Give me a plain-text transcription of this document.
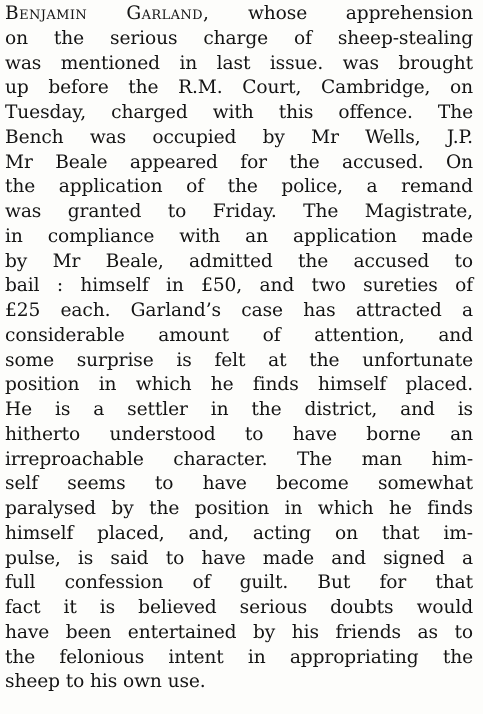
Benjamin Garland, whose apprehension
on the serious charge of sheep-stealing
was mentioned in last issue. was brought
up before the R.M. Court, Cambridge, on
Tuesday, charged with this offence. The
Bench was occupied by Mr Wells, J.P.
Mr Beale appeared for the accused. On
the application of the police, a remand
was granted to Friday. The Magistrate,
in compliance with an application made
by Mr Beale, admitted the accused to
bail : himself in £50, and two sureties of
£25 each. Garland’s case has attracted a
considerable amount of attention, and
some surprise is felt at the unfortunate
position in which he finds himself placed.
He is a settler in the district, and is
hitherto understood to have borne an
irreproachable character. The man him-
self seems to have become somewhat
paralysed by the position in which he finds
himself placed, and, acting on that im-
pulse, is said to have made and signed a
full confession of guilt. But for that
fact it is believed serious doubts would
have been entertained by his friends as to
the felonious intent in appropriating the
sheep to his own use.
